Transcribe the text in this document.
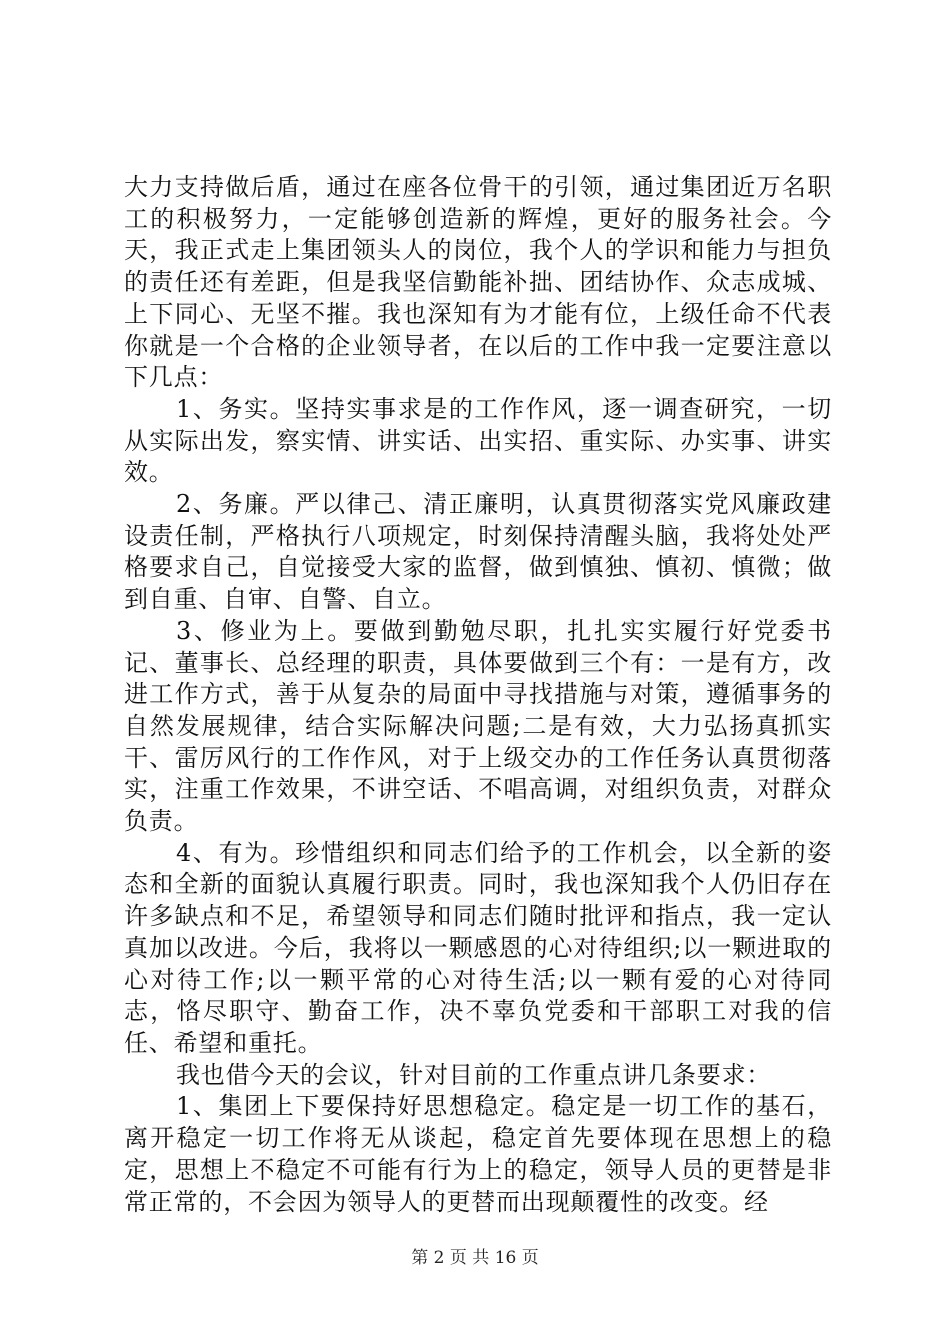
大力支持做后盾，通过在座各位骨干的引领，通过集团近万名职工的积极努力，一定能够创造新的辉煌，更好的服务社会。今天，我正式走上集团领头人的岗位，我个人的学识和能力与担负的责任还有差距，但是我坚信勤能补拙、团结协作、众志成城、上下同心、无坚不摧。我也深知有为才能有位，上级任命不代表你就是一个合格的企业领导者，在以后的工作中我一定要注意以下几点：

1、务实。坚持实事求是的工作作风，逐一调查研究，一切从实际出发，察实情、讲实话、出实招、重实际、办实事、讲实效。

2、务廉。严以律己、清正廉明，认真贯彻落实党风廉政建设责任制，严格执行八项规定，时刻保持清醒头脑，我将处处严格要求自己，自觉接受大家的监督，做到慎独、慎初、慎微；做到自重、自审、自警、自立。

3、修业为上。要做到勤勉尽职，扎扎实实履行好党委书记、董事长、总经理的职责，具体要做到三个有：一是有方，改进工作方式，善于从复杂的局面中寻找措施与对策，遵循事务的自然发展规律，结合实际解决问题;二是有效，大力弘扬真抓实干、雷厉风行的工作作风，对于上级交办的工作任务认真贯彻落实，注重工作效果，不讲空话、不唱高调，对组织负责，对群众负责。

4、有为。珍惜组织和同志们给予的工作机会，以全新的姿态和全新的面貌认真履行职责。同时，我也深知我个人仍旧存在许多缺点和不足，希望领导和同志们随时批评和指点，我一定认真加以改进。今后，我将以一颗感恩的心对待组织;以一颗进取的心对待工作;以一颗平常的心对待生活;以一颗有爱的心对待同志，恪尽职守、勤奋工作，决不辜负党委和干部职工对我的信任、希望和重托。

我也借今天的会议，针对目前的工作重点讲几条要求：

1、集团上下要保持好思想稳定。稳定是一切工作的基石，离开稳定一切工作将无从谈起，稳定首先要体现在思想上的稳定，思想上不稳定不可能有行为上的稳定，领导人员的更替是非常正常的，不会因为领导人的更替而出现颠覆性的改变。经

第 2 页 共 16 页
